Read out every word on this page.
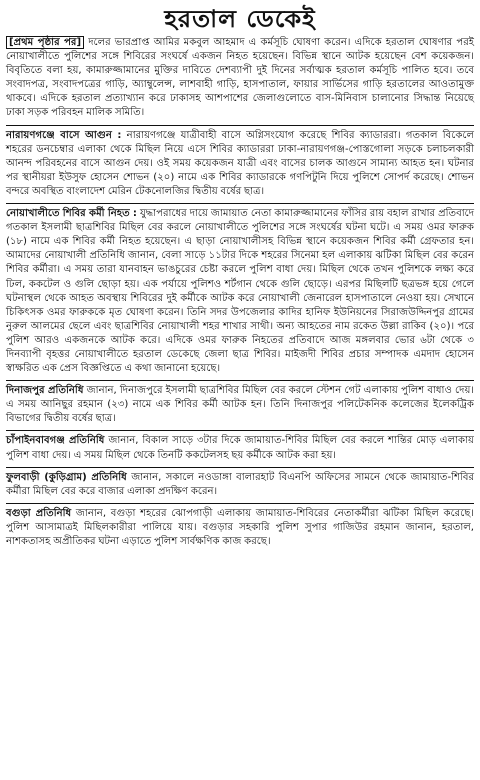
হরতাল ডেকেই

[প্রথম পৃষ্ঠার পর] দলের ভারপ্রাপ্ত আমির মকবুল আহমাদ এ কর্মসূচি ঘোষণা করেন। এদিকে হরতাল ঘোষণার পরই নোয়াখালীতে পুলিশের সঙ্গে শিবিরের সংঘর্ষে একজন নিহত হয়েছেন। বিভিন্ন স্থানে আটক হয়েছেন বেশ কয়েকজন। বিবৃতিতে বলা হয়, কামারুজ্জামানের মুক্তির দাবিতে দেশব্যাপী দুই দিনের সর্বাত্মক হরতাল কর্মসূচি পালিত হবে। তবে সংবাদপত্র, সংবাদপত্রের গাড়ি, অ্যাম্বুলেন্স, লাশবাহী গাড়ি, হাসপাতাল, ফায়ার সার্ভিসের গাড়ি হরতালের আওতামুক্ত থাকবে। এদিকে হরতাল প্রত্যাখ্যান করে ঢাকাসহ আশপাশের জেলাগুলোতে বাস-মিনিবাস চালানোর সিদ্ধান্ত নিয়েছে ঢাকা সড়ক পরিবহন মালিক সমিতি।

নারায়ণগঞ্জে বাসে আগুন : নারায়ণগঞ্জে যাত্রীবাহী বাসে অগ্নিসংযোগ করেছে শিবির ক্যাডাররা। গতকাল বিকেলে শহরের ডনচেম্বার এলাকা থেকে মিছিল নিয়ে এসে শিবির ক্যাডাররা ঢাকা-নারায়ণগঞ্জ-পোস্তগোলা সড়কে চলাচলকারী আনন্দ পরিবহনের বাসে আগুন দেয়। ওই সময় কয়েকজন যাত্রী এবং বাসের চালক আগুনে সামান্য আহত হন। ঘটনার পর স্থানীয়রা ইউসুফ হোসেন শোভন (২০) নামে এক শিবির ক্যাডারকে গণপিটুনি দিয়ে পুলিশে সোপর্দ করেছে। শোভন বন্দরে অবস্থিত বাংলাদেশ মেরিন টেকনোলজির দ্বিতীয় বর্ষের ছাত্র।

নোয়াখালীতে শিবির কর্মী নিহত : যুদ্ধাপরাধের দায়ে জামায়াত নেতা কামারুজ্জামানের ফাঁসির রায় বহাল রাখার প্রতিবাদে গতকাল ইসলামী ছাত্রশিবির মিছিল বের করলে নোয়াখালীতে পুলিশের সঙ্গে সংঘর্ষের ঘটনা ঘটে। এ সময় ওমর ফারুক (১৮) নামে এক শিবির কর্মী নিহত হয়েছেন। এ ছাড়া নোয়াখালীসহ বিভিন্ন স্থানে কয়েকজন শিবির কর্মী গ্রেফতার হন। আমাদের নোয়াখালী প্রতিনিধি জানান, বেলা সাড়ে ১১টার দিকে শহরের সিনেমা হল এলাকায় ঝটিকা মিছিল বের করেন শিবির কর্মীরা। এ সময় তারা যানবাহন ভাঙচুরের চেষ্টা করলে পুলিশ বাধা দেয়। মিছিল থেকে তখন পুলিশকে লক্ষ্য করে ঢিল, ককটেল ও গুলি ছোড়া হয়। এক পর্যায়ে পুলিশও শর্টগান থেকে গুলি ছোড়ে। এরপর মিছিলটি ছত্রভঙ্গ হয়ে গেলে ঘটনাস্থল থেকে আহত অবস্থায় শিবিরের দুই কর্মীকে আটক করে নোয়াখালী জেনারেল হাসপাতালে নেওয়া হয়। সেখানে চিকিৎসক ওমর ফারুককে মৃত ঘোষণা করেন। তিনি সদর উপজেলার কাদির হানিফ ইউনিয়নের সিরাজউদ্দিনপুর গ্রামের নুরুল আলমের ছেলে এবং ছাত্রশিবির নোয়াখালী শহর শাখার সাথী। অন্য আহতের নাম রকেত উল্লা রাকিব (২০)। পরে পুলিশ আরও একজনকে আটক করে। এদিকে ওমর ফারুক নিহতের প্রতিবাদে আজ মঙ্গলবার ভোর ৬টা থেকে ৩ দিনব্যাপী বৃহত্তর নোয়াখালীতে হরতাল ডেকেছে জেলা ছাত্র শিবির। মাইজদী শিবির প্রচার সম্পাদক এমদাদ হোসেন স্বাক্ষরিত এক প্রেস বিজ্ঞপ্তিতে এ কথা জানানো হয়েছে।

দিনাজপুর প্রতিনিধি জানান, দিনাজপুরে ইসলামী ছাত্রশিবির মিছিল বের করলে স্টেশন গেট এলাকায় পুলিশ বাধাও দেয়। এ সময় আনিছুর রহমান (২৩) নামে এক শিবির কর্মী আটক হন। তিনি দিনাজপুর পলিটেকনিক কলেজের ইলেকট্রিক বিভাগের দ্বিতীয় বর্ষের ছাত্র।

চাঁপাইনবাবগঞ্জ প্রতিনিধি জানান, বিকাল সাড়ে ৩টার দিকে জামায়াত-শিবির মিছিল বের করলে শান্তির মোড় এলাকায় পুলিশ বাধা দেয়। এ সময় মিছিল থেকে তিনটি ককটেলসহ ছয় কর্মীকে আটক করা হয়।

ফুলবাড়ী (কুড়িগ্রাম) প্রতিনিধি জানান, সকালে নওডাঙ্গা বালারহাট বিএনপি অফিসের সামনে থেকে জামায়াত-শিবির কর্মীরা মিছিল বের করে বাজার এলাকা প্রদক্ষিণ করেন।

বগুড়া প্রতিনিধি জানান, বগুড়া শহরের ঝোপগাড়ী এলাকায় জামায়াত-শিবিরের নেতাকর্মীরা ঝটিকা মিছিল করেছে। পুলিশ আসামাত্রই মিছিলকারীরা পালিয়ে যায়। বগুড়ার সহকারি পুলিশ সুপার গাজিউর রহমান জানান, হরতাল, নাশকতাসহ অপ্রীতিকর ঘটনা এড়াতে পুলিশ সার্বক্ষণিক কাজ করছে।
